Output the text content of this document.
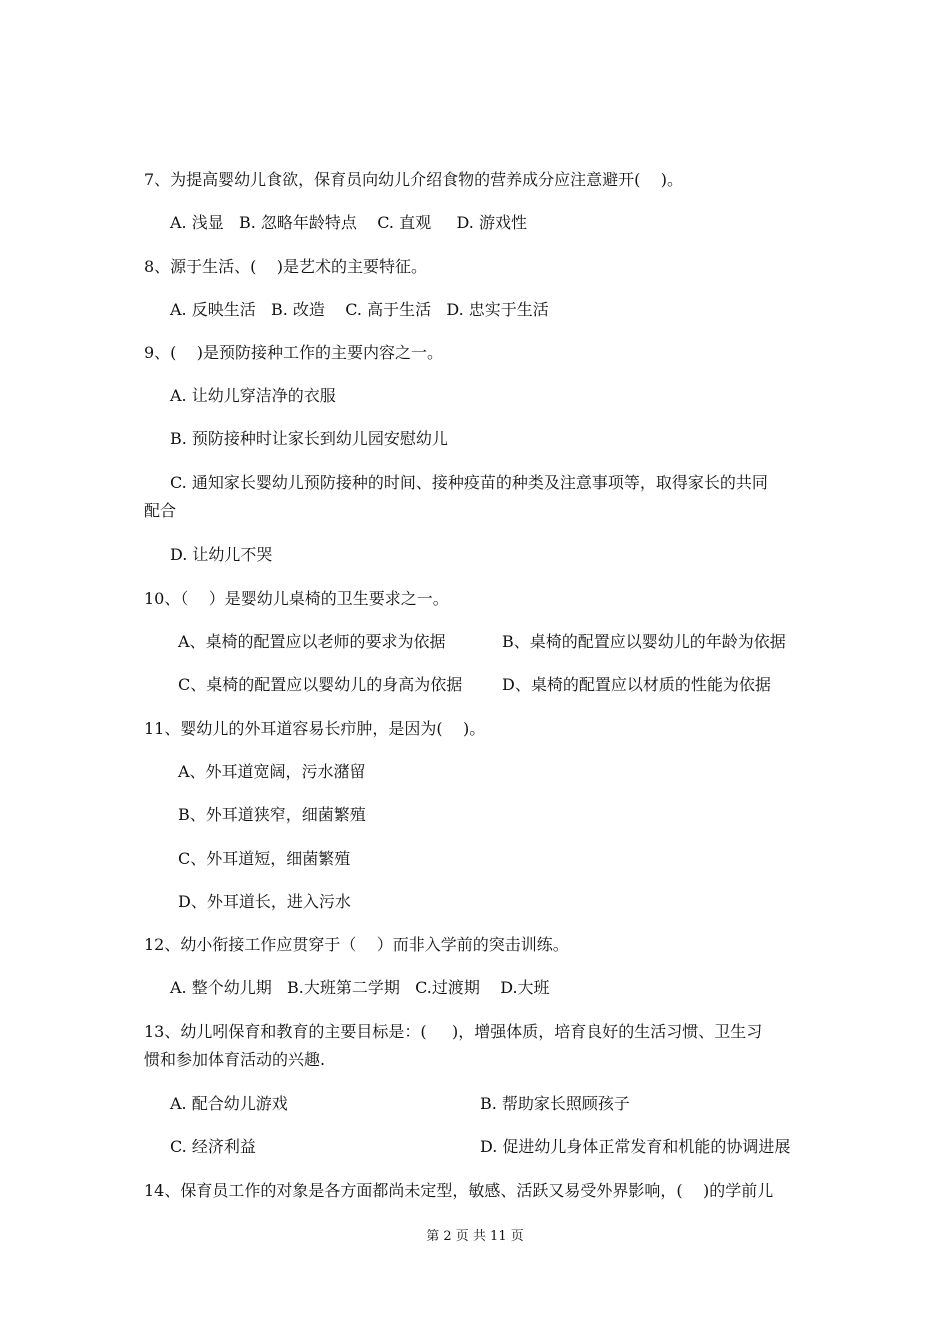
7、为提高婴幼儿食欲，保育员向幼儿介绍食物的营养成分应注意避开(    )。
A. 浅显   B. 忽略年龄特点    C. 直观     D. 游戏性
8、源于生活、(    )是艺术的主要特征。
A. 反映生活   B. 改造    C. 高于生活   D. 忠实于生活
9、(    )是预防接种工作的主要内容之一。
A. 让幼儿穿洁净的衣服
B. 预防接种时让家长到幼儿园安慰幼儿
C. 通知家长婴幼儿预防接种的时间、接种疫苗的种类及注意事项等，取得家长的共同
配合
D. 让幼儿不哭
10、（    ）是婴幼儿桌椅的卫生要求之一。
A、桌椅的配置应以老师的要求为依据	B、桌椅的配置应以婴幼儿的年龄为依据
C、桌椅的配置应以婴幼儿的身高为依据 D、桌椅的配置应以材质的性能为依据
11、婴幼儿的外耳道容易长疖肿，是因为(    )。
A、外耳道宽阔，污水潴留
B、外耳道狭窄，细菌繁殖
C、外耳道短，细菌繁殖
D、外耳道长，进入污水
12、幼小衔接工作应贯穿于（    ）而非入学前的突击训练。
A. 整个幼儿期   B.大班第二学期   C.过渡期    D.大班
13、幼儿吲保育和教育的主要目标是：(     )，增强体质，培育良好的生活习惯、卫生习
惯和参加体育活动的兴趣.
A. 配合幼儿游戏	B. 帮助家长照顾孩子
C. 经济利益	D. 促进幼儿身体正常发育和机能的协调进展
14、保育员工作的对象是各方面都尚未定型，敏感、活跃又易受外界影响，(    )的学前儿
第 2 页 共 11 页
